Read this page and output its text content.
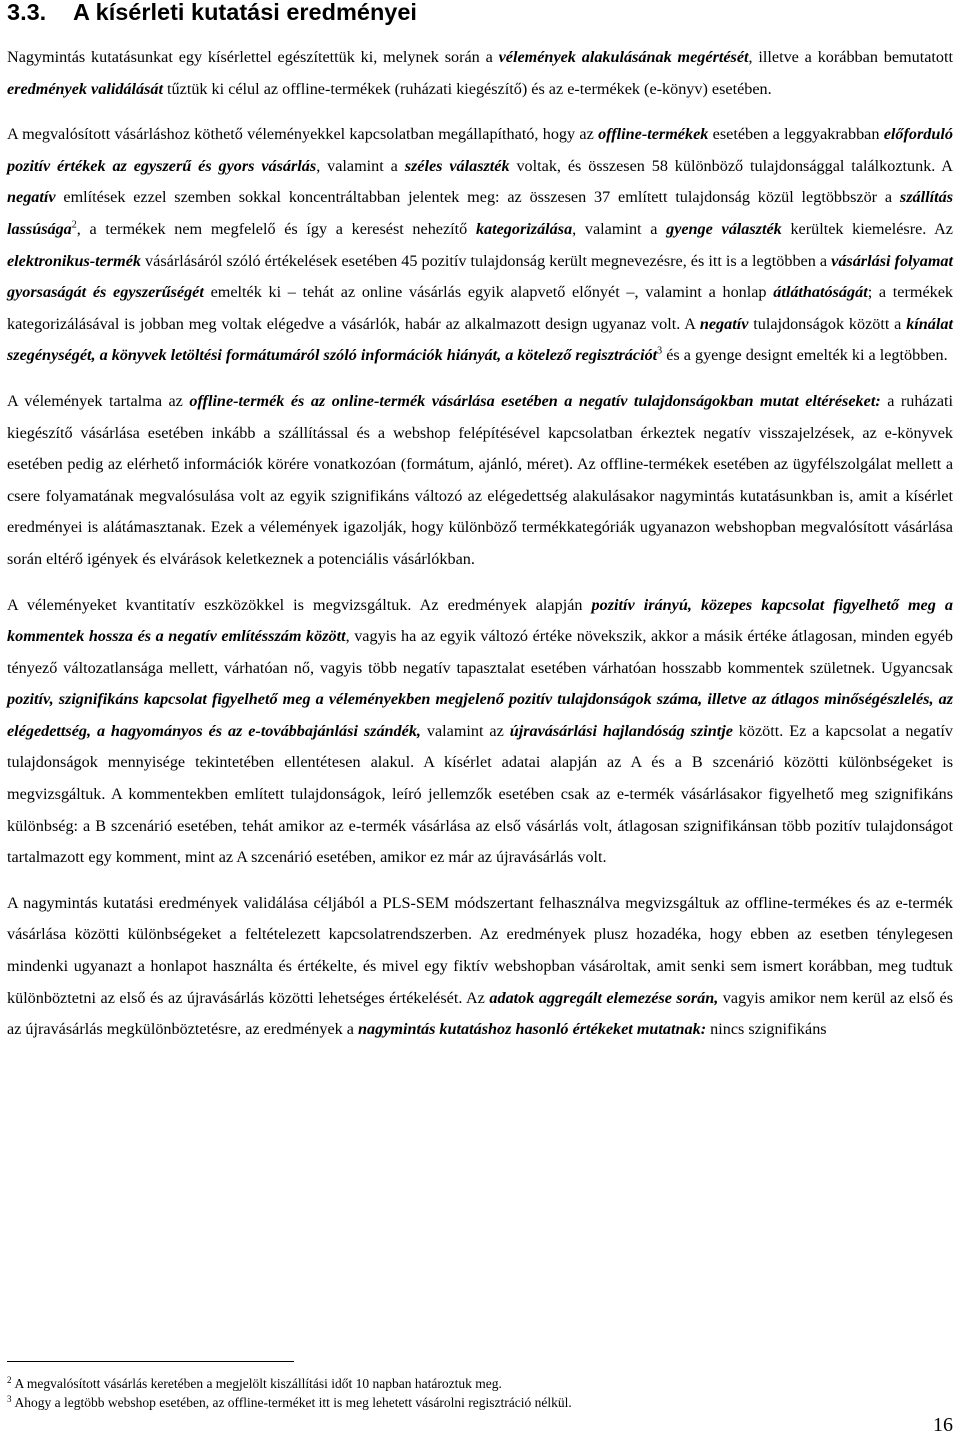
3.3. A kísérleti kutatási eredményei

Nagymintás kutatásunkat egy kísérlettel egészítettük ki, melynek során a vélemények alakulásának megértését, illetve a korábban bemutatott eredmények validálását tűztük ki célul az offline-termékek (ruházati kiegészítő) és az e-termékek (e-könyv) esetében.

A megvalósított vásárláshoz köthető véleményekkel kapcsolatban megállapítható, hogy az offline-termékek esetében a leggyakrabban előforduló pozitív értékek az egyszerű és gyors vásárlás, valamint a széles választék voltak, és összesen 58 különböző tulajdonsággal találkoztunk. A negatív említések ezzel szemben sokkal koncentráltabban jelentek meg: az összesen 37 említett tulajdonság közül legtöbbször a szállítás lassúsága$^2$, a termékek nem megfelelő és így a keresést nehezítő kategorizálása, valamint a gyenge választék kerültek kiemelésre. Az elektronikus-termék vásárlásáról szóló értékelések esetében 45 pozitív tulajdonság került megnevezésre, és itt is a legtöbben a vásárlási folyamat gyorsaságát és egyszerűségét emelték ki – tehát az online vásárlás egyik alapvető előnyét –, valamint a honlap átláthatóságát; a termékek kategorizálásával is jobban meg voltak elégedve a vásárlók, habár az alkalmazott design ugyanaz volt. A negatív tulajdonságok között a kínálat szegénységét, a könyvek letöltési formátumáról szóló információk hiányát, a kötelező regisztrációt$^3$ és a gyenge designt emelték ki a legtöbben.

A vélemények tartalma az offline-termék és az online-termék vásárlása esetében a negatív tulajdonságokban mutat eltéréseket: a ruházati kiegészítő vásárlása esetében inkább a szállítással és a webshop felépítésével kapcsolatban érkeztek negatív visszajelzések, az e-könyvek esetében pedig az elérhető információk körére vonatkozóan (formátum, ajánló, méret). Az offline-termékek esetében az ügyfélszolgálat mellett a csere folyamatának megvalósulása volt az egyik szignifikáns változó az elégedettség alakulásakor nagymintás kutatásunkban is, amit a kísérlet eredményei is alátámasztanak. Ezek a vélemények igazolják, hogy különböző termékkategóriák ugyanazon webshopban megvalósított vásárlása során eltérő igények és elvárások keletkeznek a potenciális vásárlókban.

A véleményeket kvantitatív eszközökkel is megvizsgáltuk. Az eredmények alapján pozitív irányú, közepes kapcsolat figyelhető meg a kommentek hossza és a negatív említésszám között, vagyis ha az egyik változó értéke növekszik, akkor a másik értéke átlagosan, minden egyéb tényező változatlansága mellett, várhatóan nő, vagyis több negatív tapasztalat esetében várhatóan hosszabb kommentek születnek. Ugyancsak pozitív, szignifikáns kapcsolat figyelhető meg a véleményekben megjelenő pozitív tulajdonságok száma, illetve az átlagos minőségészlelés, az elégedettség, a hagyományos és az e-továbbajánlási szándék, valamint az újravásárlási hajlandóság szintje között. Ez a kapcsolat a negatív tulajdonságok mennyisége tekintetében ellentétesen alakul. A kísérlet adatai alapján az A és a B szcenárió közötti különbségeket is megvizsgáltuk. A kommentekben említett tulajdonságok, leíró jellemzők esetében csak az e-termék vásárlásakor figyelhető meg szignifikáns különbség: a B szcenárió esetében, tehát amikor az e-termék vásárlása az első vásárlás volt, átlagosan szignifikánsan több pozitív tulajdonságot tartalmazott egy komment, mint az A szcenárió esetében, amikor ez már az újravásárlás volt.

A nagymintás kutatási eredmények validálása céljából a PLS-SEM módszertant felhasználva megvizsgáltuk az offline-termékes és az e-termék vásárlása közötti különbségeket a feltételezett kapcsolatrendszerben. Az eredmények plusz hozadéka, hogy ebben az esetben ténylegesen mindenki ugyanazt a honlapot használta és értékelte, és mivel egy fiktív webshopban vásároltak, amit senki sem ismert korábban, meg tudtuk különböztetni az első és az újravásárlás közötti lehetséges értékelését. Az adatok aggregált elemezése során, vagyis amikor nem kerül az első és az újravásárlás megkülönböztetésre, az eredmények a nagymintás kutatáshoz hasonló értékeket mutatnak: nincs szignifikáns

$^2$ A megvalósított vásárlás keretében a megjelölt kiszállítási időt 10 napban határoztuk meg.

$^3$ Ahogy a legtöbb webshop esetében, az offline-terméket itt is meg lehetett vásárolni regisztráció nélkül.

16
